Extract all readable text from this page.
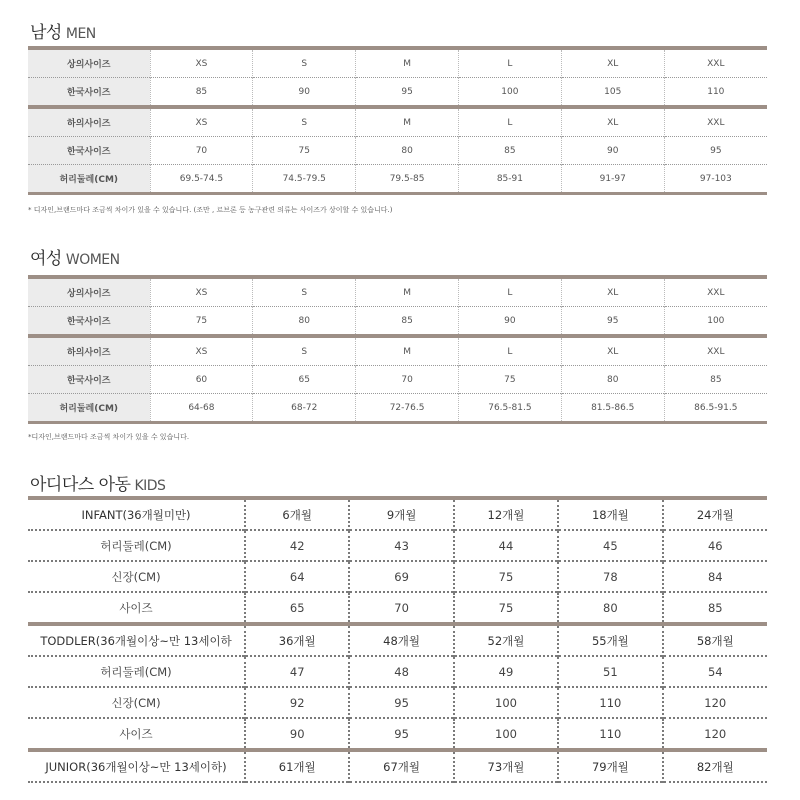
남성 MEN
상의사이즈	XS	S	M	L	XL	XXL
한국사이즈	85	90	95	100	105	110
하의사이즈	XS	S	M	L	XL	XXL
한국사이즈	70	75	80	85	90	95
허리둘레(CM)	69.5-74.5	74.5-79.5	79.5-85	85-91	91-97	97-103
* 디자인,브랜드마다 조금씩 차이가 있을 수 있습니다. (조만 , 르브론 등 농구관련 의류는 사이즈가 상이할 수 있습니다.)
여성 WOMEN
상의사이즈	XS	S	M	L	XL	XXL
한국사이즈	75	80	85	90	95	100
하의사이즈	XS	S	M	L	XL	XXL
한국사이즈	60	65	70	75	80	85
허리둘레(CM)	64-68	68-72	72-76.5	76.5-81.5	81.5-86.5	86.5-91.5
*디자인,브랜드마다 조금씩 차이가 있을 수 있습니다.
아디다스 아동 KIDS
INFANT(36개월미만)	6개월	9개월	12개월	18개월	24개월
허리둘레(CM)	42	43	44	45	46
신장(CM)	64	69	75	78	84
사이즈	65	70	75	80	85
TODDLER(36개월이상~만 13세이하	36개월	48개월	52개월	55개월	58개월
허리둘레(CM)	47	48	49	51	54
신장(CM)	92	95	100	110	120
사이즈	90	95	100	110	120
JUNIOR(36개월이상~만 13세이하)	61개월	67개월	73개월	79개월	82개월
